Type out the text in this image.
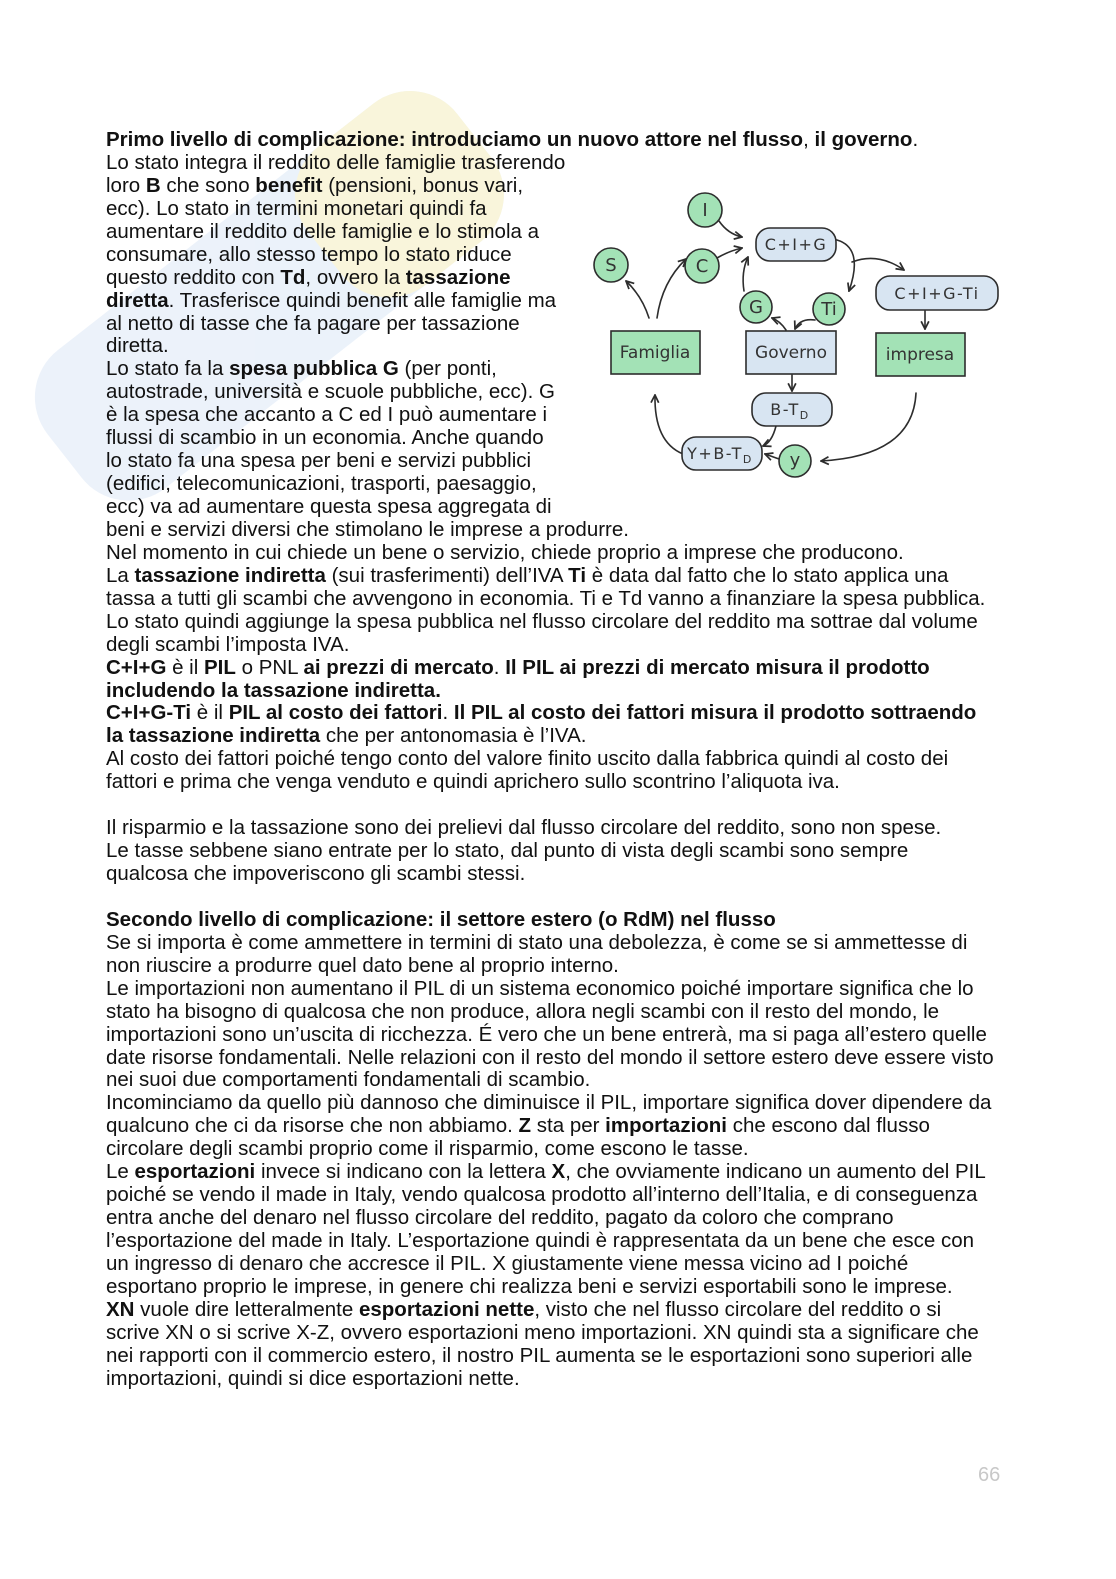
Primo livello di complicazione: introduciamo un nuovo attore nel flusso, il governo.
Lo stato integra il reddito delle famiglie trasferendo
loro B che sono benefit (pensioni, bonus vari,
ecc). Lo stato in termini monetari quindi fa
aumentare il reddito delle famiglie e lo stimola a
consumare, allo stesso tempo lo stato riduce
questo reddito con Td, ovvero la tassazione
diretta. Trasferisce quindi benefit alle famiglie ma
al netto di tasse che fa pagare per tassazione
diretta.
Lo stato fa la spesa pubblica G (per ponti,
autostrade, università e scuole pubbliche, ecc). G
è la spesa che accanto a C ed I può aumentare i
flussi di scambio in un economia. Anche quando
lo stato fa una spesa per beni e servizi pubblici
(edifici, telecomunicazioni, trasporti, paesaggio,
ecc) va ad aumentare questa spesa aggregata di
beni e servizi diversi che stimolano le imprese a produrre.
Nel momento in cui chiede un bene o servizio, chiede proprio a imprese che producono.
La tassazione indiretta (sui trasferimenti) dell’IVA Ti è data dal fatto che lo stato applica una
tassa a tutti gli scambi che avvengono in economia. Ti e Td vanno a finanziare la spesa pubblica.
Lo stato quindi aggiunge la spesa pubblica nel flusso circolare del reddito ma sottrae dal volume
degli scambi l’imposta IVA.
C+I+G è il PIL o PNL ai prezzi di mercato. Il PIL ai prezzi di mercato misura il prodotto
includendo la tassazione indiretta.
C+I+G-Ti è il PIL al costo dei fattori. Il PIL al costo dei fattori misura il prodotto sottraendo
la tassazione indiretta che per antonomasia è l’IVA.
Al costo dei fattori poiché tengo conto del valore finito uscito dalla fabbrica quindi al costo dei
fattori e prima che venga venduto e quindi aprichero sullo scontrino l’aliquota iva.
Il risparmio e la tassazione sono dei prelievi dal flusso circolare del reddito, sono non spese.
Le tasse sebbene siano entrate per lo stato, dal punto di vista degli scambi sono sempre
qualcosa che impoveriscono gli scambi stessi.
Secondo livello di complicazione: il settore estero (o RdM) nel flusso
Se si importa è come ammettere in termini di stato una debolezza, è come se si ammettesse di
non riuscire a produrre quel dato bene al proprio interno.
Le importazioni non aumentano il PIL di un sistema economico poiché importare significa che lo
stato ha bisogno di qualcosa che non produce, allora negli scambi con il resto del mondo, le
importazioni sono un’uscita di ricchezza. É vero che un bene entrerà, ma si paga all’estero quelle
date risorse fondamentali. Nelle relazioni con il resto del mondo il settore estero deve essere visto
nei suoi due comportamenti fondamentali di scambio.
Incominciamo da quello più dannoso che diminuisce il PIL, importare significa dover dipendere da
qualcuno che ci da risorse che non abbiamo. Z sta per importazioni che escono dal flusso
circolare degli scambi proprio come il risparmio, come escono le tasse.
Le esportazioni invece si indicano con la lettera X, che ovviamente indicano un aumento del PIL
poiché se vendo il made in Italy, vendo qualcosa prodotto all’interno dell’Italia, e di conseguenza
entra anche del denaro nel flusso circolare del reddito, pagato da coloro che comprano
l’esportazione del made in Italy. L’esportazione quindi è rappresentata da un bene che esce con
un ingresso di denaro che accresce il PIL. X giustamente viene messa vicino ad I poiché
esportano proprio le imprese, in genere chi realizza beni e servizi esportabili sono le imprese.
XN vuole dire letteralmente esportazioni nette, visto che nel flusso circolare del reddito o si
scrive XN o si scrive X-Z, ovvero esportazioni meno importazioni. XN quindi sta a significare che
nei rapporti con il commercio estero, il nostro PIL aumenta se le esportazioni sono superiori alle
importazioni, quindi si dice esportazioni nette.
I
S	C
G	Ti
y
C+I+G
C+I+G-Ti
$B-T_D$
$Y+B-T_D$
Famiglia	Governo	impresa
66
